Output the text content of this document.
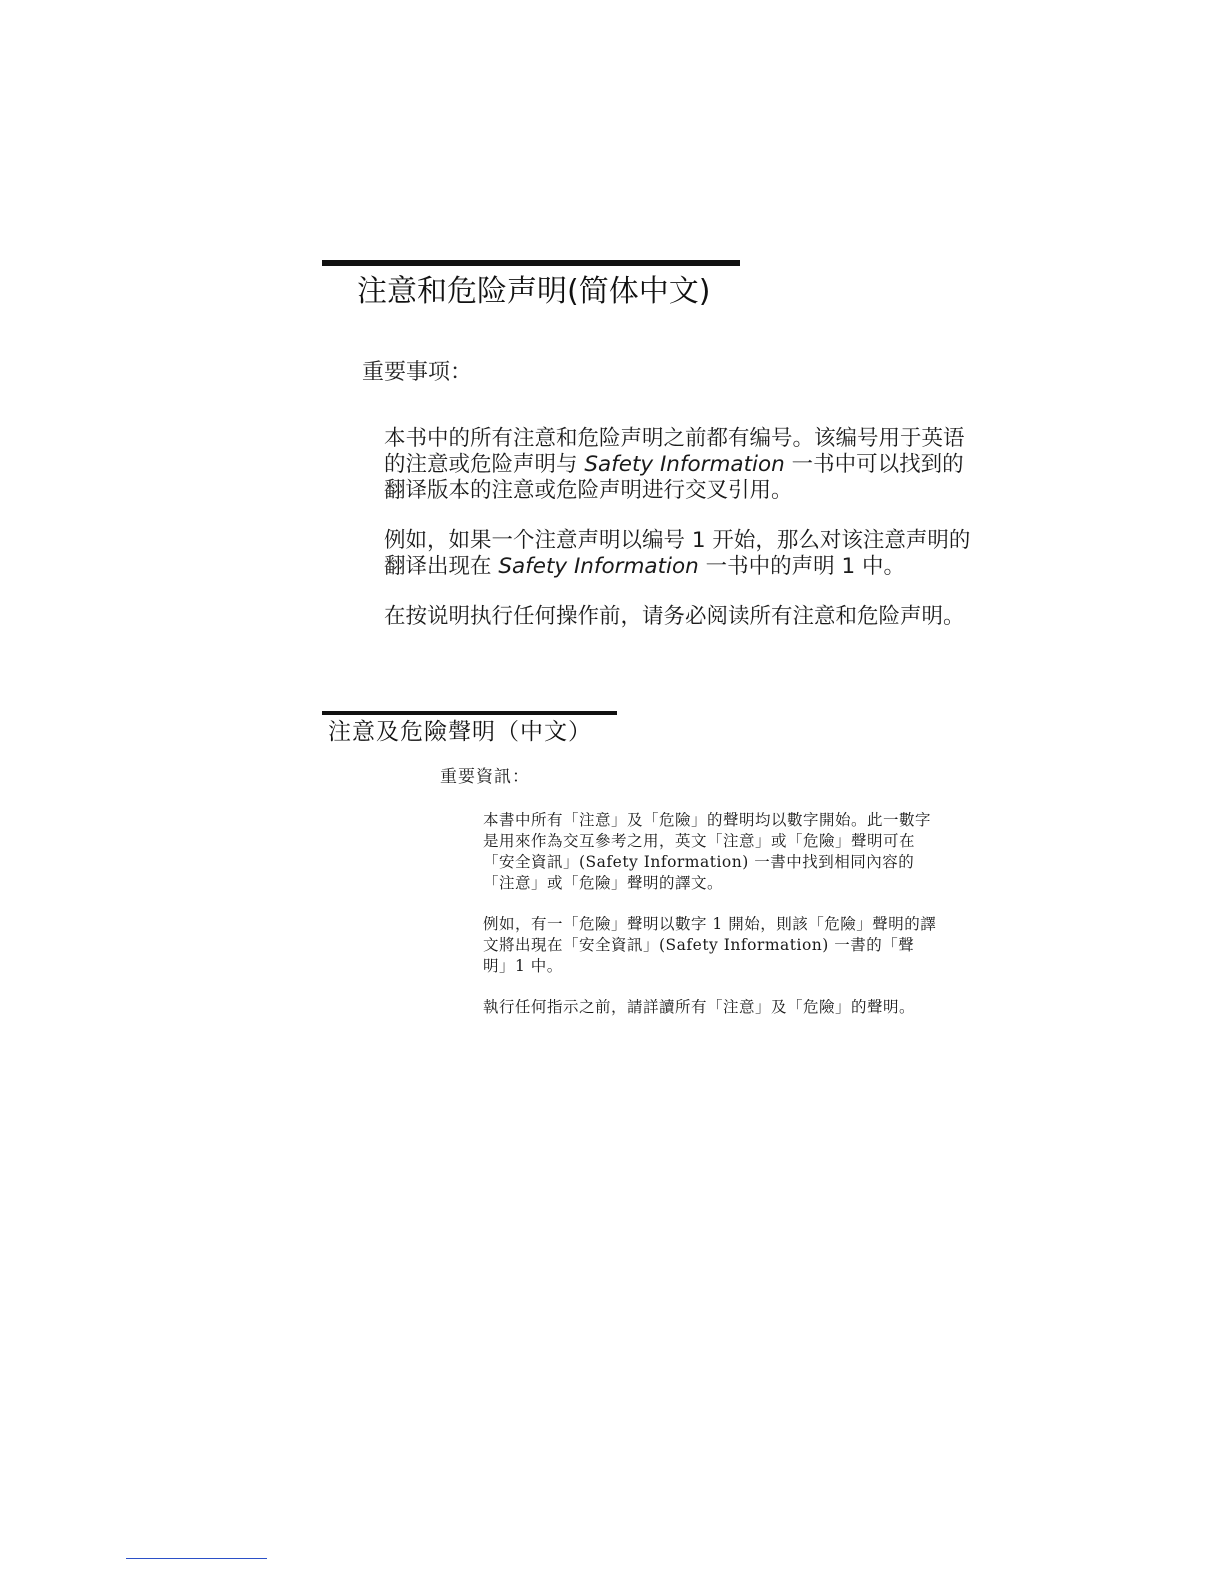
注意和危险声明(简体中文)
重要事项：

本书中的所有注意和危险声明之前都有编号。该编号用于英语的注意或危险声明与 Safety Information 一书中可以找到的翻译版本的注意或危险声明进行交叉引用。

例如，如果一个注意声明以编号 1 开始，那么对该注意声明的翻译出现在 Safety Information 一书中的声明 1 中。

在按说明执行任何操作前，请务必阅读所有注意和危险声明。

注意及危險聲明（中文）
重要資訊：

本書中所有「注意」及「危險」的聲明均以數字開始。此一數字是用來作為交互參考之用，英文「注意」或「危險」聲明可在「安全資訊」(Safety Information) 一書中找到相同內容的「注意」或「危險」聲明的譯文。

例如，有一「危險」聲明以數字 1 開始，則該「危險」聲明的譯文將出現在「安全資訊」(Safety Information) 一書的「聲明」1 中。

執行任何指示之前，請詳讀所有「注意」及「危險」的聲明。
